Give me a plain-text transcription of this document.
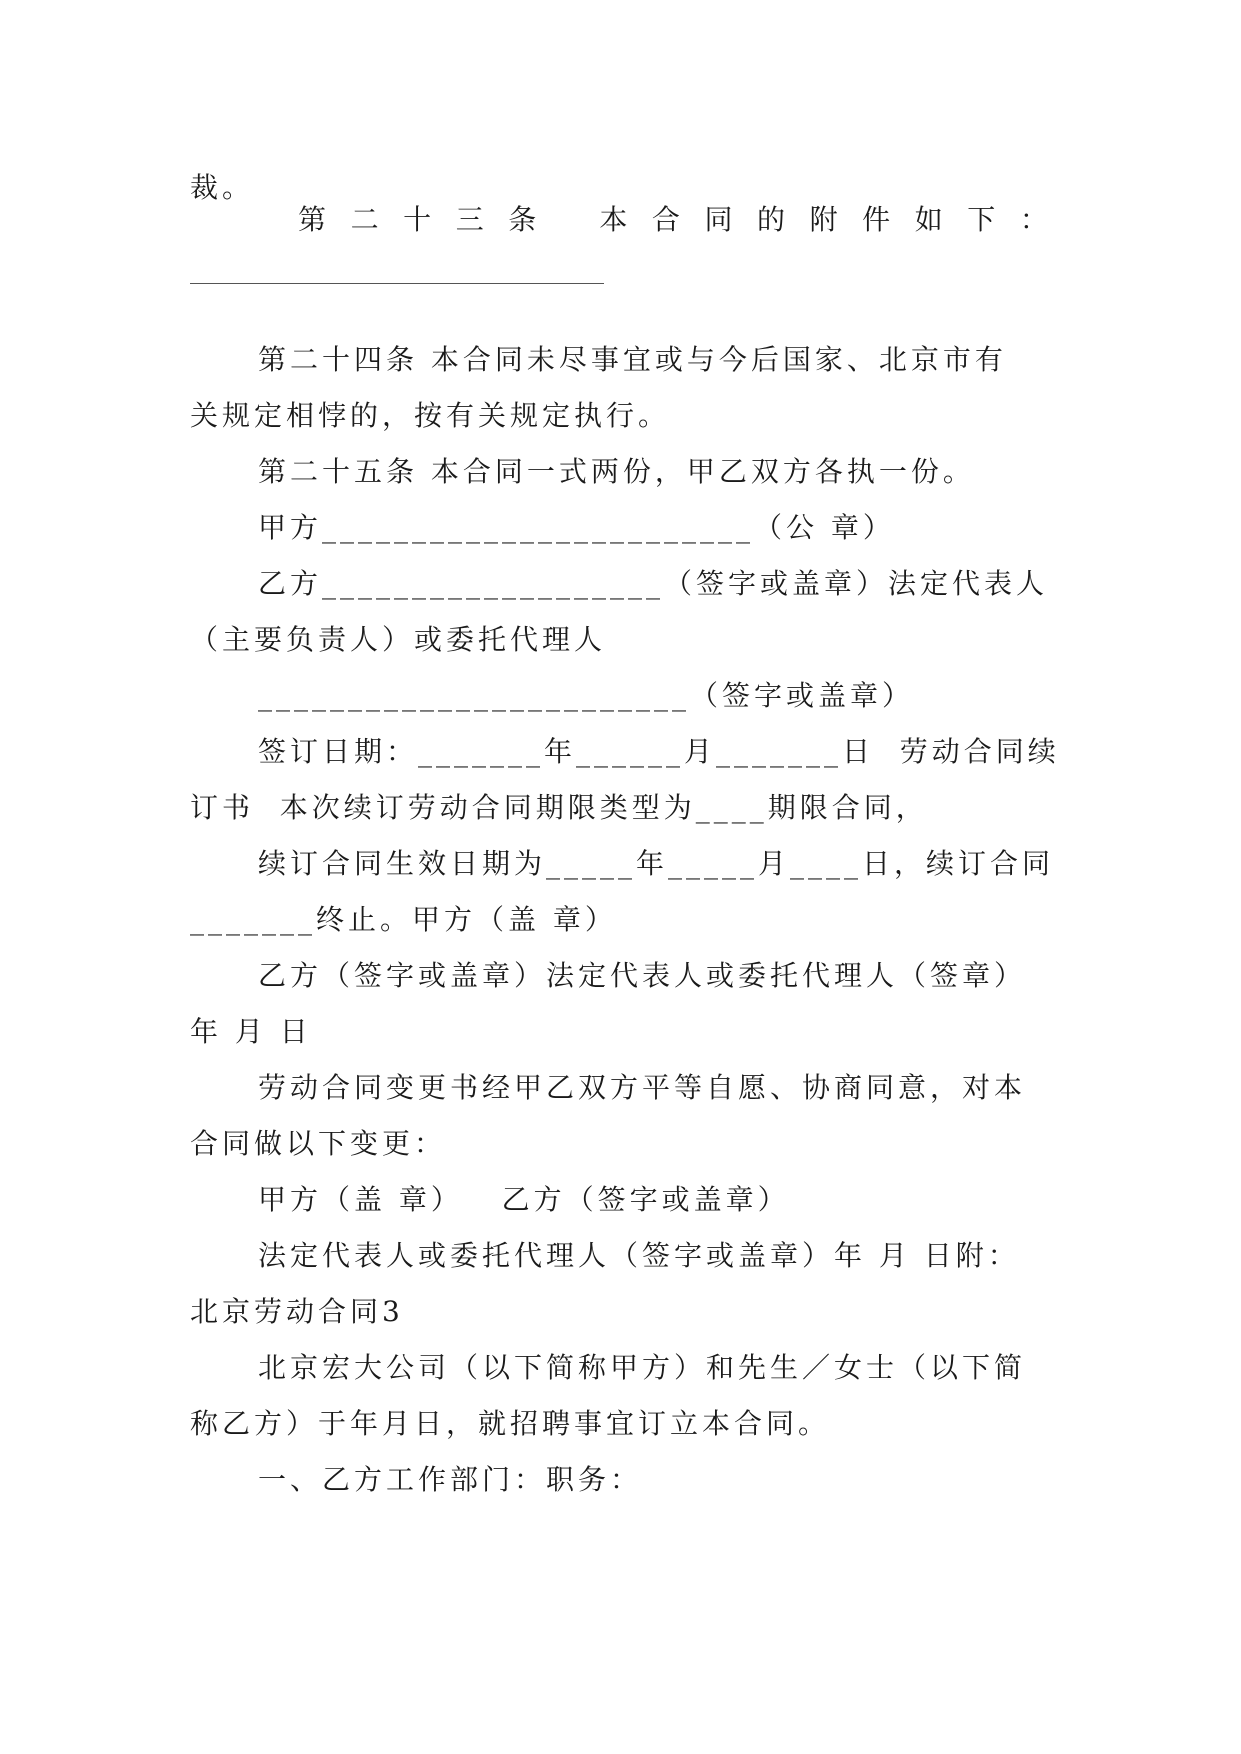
裁。
第 二 十 三 条 本 合 同 的 附 件 如 下 ：
第二十四条 本合同未尽事宜或与今后国家、北京市有
关规定相悖的，按有关规定执行。
第二十五条 本合同一式两份，甲乙双方各执一份。
甲方________________________（公 章）
乙方___________________（签字或盖章）法定代表人
（主要负责人）或委托代理人
________________________（签字或盖章）
签订日期：_______年______月_______日  劳动合同续
订书  本次续订劳动合同期限类型为____期限合同，
续订合同生效日期为_____年_____月____日，续订合同
_______终止。甲方（盖 章）
乙方（签字或盖章）法定代表人或委托代理人（签章）
年 月 日
劳动合同变更书经甲乙双方平等自愿、协商同意，对本
合同做以下变更：
甲方（盖 章）   乙方（签字或盖章）
法定代表人或委托代理人（签字或盖章）年 月 日附：
北京劳动合同3
北京宏大公司（以下简称甲方）和先生／女士（以下简
称乙方）于年月日，就招聘事宜订立本合同。
一、乙方工作部门：职务：
